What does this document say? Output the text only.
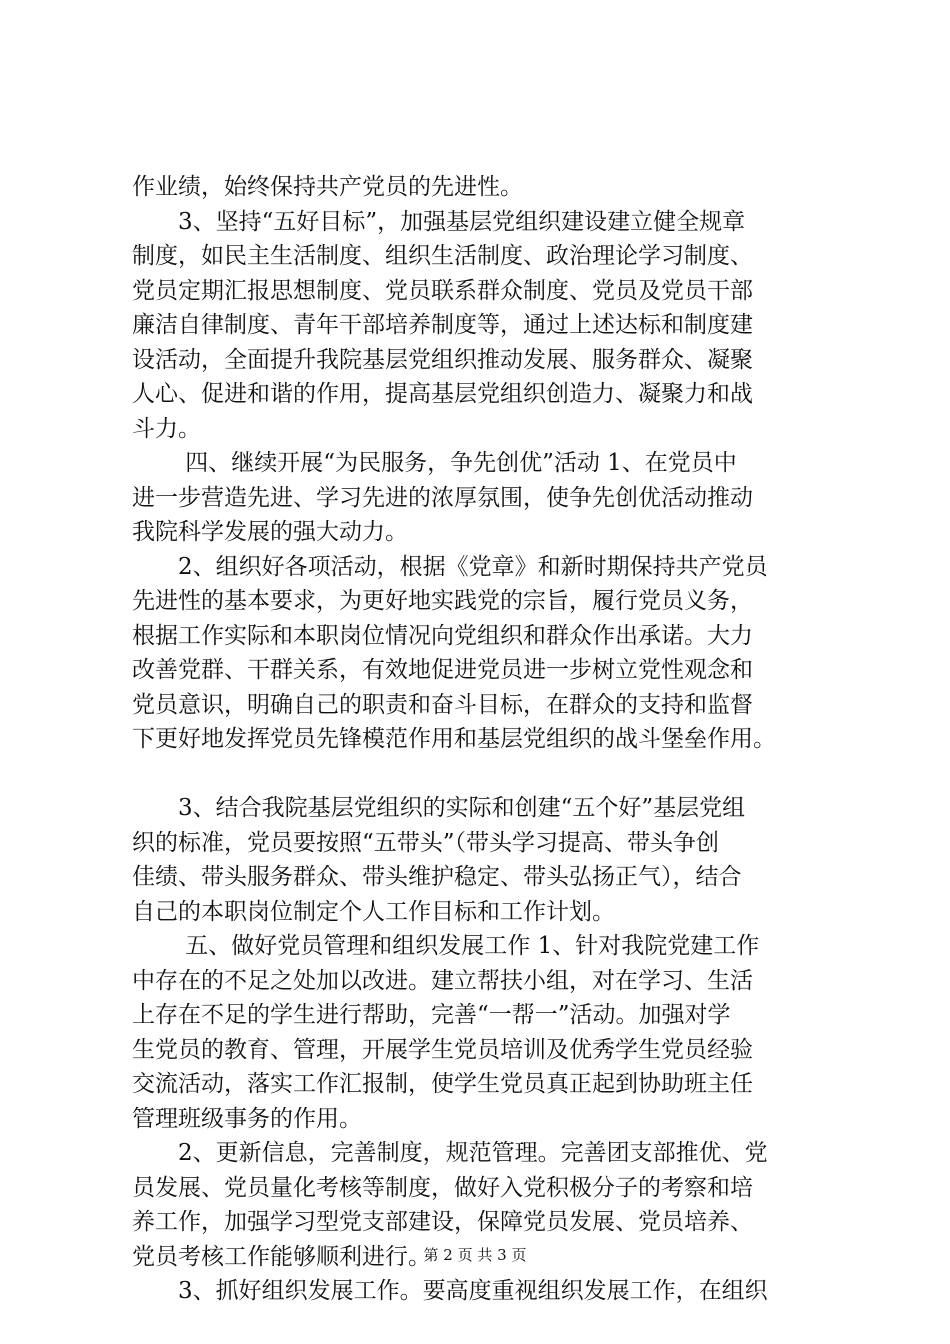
作业绩，始终保持共产党员的先进性。
　　3、坚持“五好目标”，加强基层党组织建设建立健全规章
制度，如民主生活制度、组织生活制度、政治理论学习制度、
党员定期汇报思想制度、党员联系群众制度、党员及党员干部
廉洁自律制度、青年干部培养制度等，通过上述达标和制度建
设活动，全面提升我院基层党组织推动发展、服务群众、凝聚
人心、促进和谐的作用，提高基层党组织创造力、凝聚力和战
斗力。
　　 四、继续开展“为民服务，争先创优”活动 1、在党员中
进一步营造先进、学习先进的浓厚氛围，使争先创优活动推动
我院科学发展的强大动力。
　　2、组织好各项活动，根据《党章》和新时期保持共产党员
先进性的基本要求，为更好地实践党的宗旨，履行党员义务，
根据工作实际和本职岗位情况向党组织和群众作出承诺。大力
改善党群、干群关系，有效地促进党员进一步树立党性观念和
党员意识，明确自己的职责和奋斗目标，在群众的支持和监督
下更好地发挥党员先锋模范作用和基层党组织的战斗堡垒作用。
　　3、结合我院基层党组织的实际和创建“五个好”基层党组
织的标准，党员要按照“五带头”（带头学习提高、带头争创
佳绩、带头服务群众、带头维护稳定、带头弘扬正气），结合
自己的本职岗位制定个人工作目标和工作计划。
　　 五、做好党员管理和组织发展工作 1、针对我院党建工作
中存在的不足之处加以改进。建立帮扶小组，对在学习、生活
上存在不足的学生进行帮助，完善“一帮一”活动。加强对学
生党员的教育、管理，开展学生党员培训及优秀学生党员经验
交流活动，落实工作汇报制，使学生党员真正起到协助班主任
管理班级事务的作用。
　　2、更新信息，完善制度，规范管理。完善团支部推优、党
员发展、党员量化考核等制度，做好入党积极分子的考察和培
养工作，加强学习型党支部建设，保障党员发展、党员培养、
党员考核工作能够顺利进行。
　　3、抓好组织发展工作。要高度重视组织发展工作，在组织
第 2 页 共 3 页
